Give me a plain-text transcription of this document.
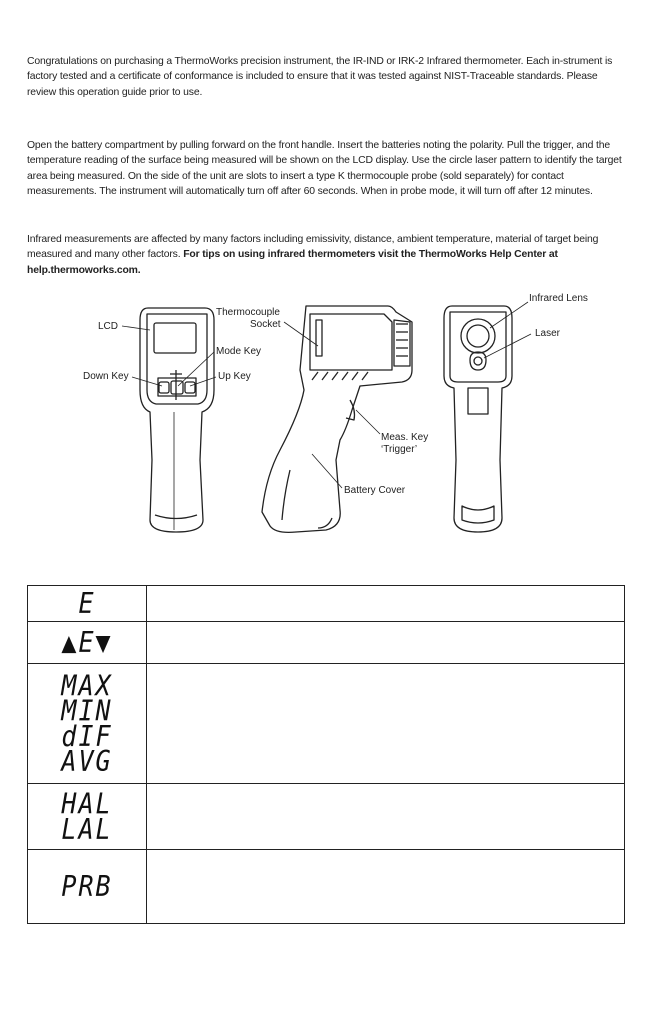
Congratulations on purchasing a ThermoWorks precision instrument, the IR-IND or IRK-2 Infrared thermometer. Each in-strument is factory tested and a certificate of conformance is included to ensure that it was tested against NIST-Traceable standards. Please review this operation guide prior to use.

Open the battery compartment by pulling forward on the front handle. Insert the batteries noting the polarity. Pull the trigger, and the temperature reading of the surface being measured will be shown on the LCD display. Use the circle laser pattern to identify the target area being measured. On the side of the unit are slots to insert a type K thermocouple probe (sold separately) for contact measurements. The instrument will automatically turn off after 60 seconds. When in probe mode, it will turn off after 12 minutes.

Infrared measurements are affected by many factors including emissivity, distance, ambient temperature, material of target being measured and many other factors. For tips on using infrared thermometers visit the ThermoWorks Help Center at help.thermoworks.com.

LCD
Down Key
Mode Key
Up Key
Thermocouple
Socket
Meas. Key
‘Trigger’
Battery Cover
Infrared Lens
Laser
E	

▲E▼	

MAX
MIN
dIF
AVG	

HAL
LAL	

PRB	
